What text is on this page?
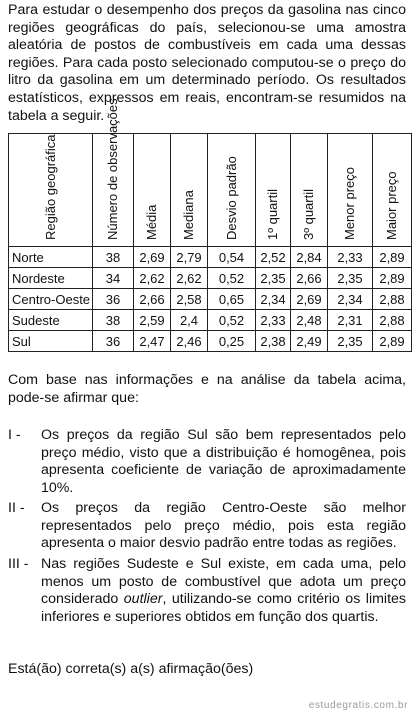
Para estudar o desempenho dos preços da gasolina nas cinco regiões geográficas do país, selecionou-se uma amostra aleatória de postos de combustíveis em cada uma dessas regiões. Para cada posto selecionado computou-se o preço do litro da gasolina em um determinado período. Os resultados estatísticos, expressos em reais, encontram-se resumidos na tabela a seguir.

Região geográfica	Número de observações	Média	Mediana	Desvio padrão	1º quartil	3º quartil	Menor preço	Maior preço

Norte	38	2,69	2,79	0,54	2,52	2,84	2,33	2,89
Nordeste	34	2,62	2,62	0,52	2,35	2,66	2,35	2,89
Centro-Oeste	36	2,66	2,58	0,65	2,34	2,69	2,34	2,88
Sudeste	38	2,59	2,4	0,52	2,33	2,48	2,31	2,88
Sul	36	2,47	2,46	0,25	2,38	2,49	2,35	2,89

Com base nas informações e na análise da tabela acima, pode-se afirmar que:

I -	Os preços da região Sul são bem representados pelo preço médio, visto que a distribuição é homogênea, pois apresenta coeficiente de variação de aproximadamente 10%.
II -	Os preços da região Centro-Oeste são melhor representados pelo preço médio, pois esta região apresenta o maior desvio padrão entre todas as regiões.
III - Nas regiões Sudeste e Sul existe, em cada uma, pelo menos um posto de combustível que adota um preço considerado outlier, utilizando-se como critério os limites inferiores e superiores obtidos em função dos quartis.
Está(ão) correta(s) a(s) afirmação(ões)
estudegratis.com.br
